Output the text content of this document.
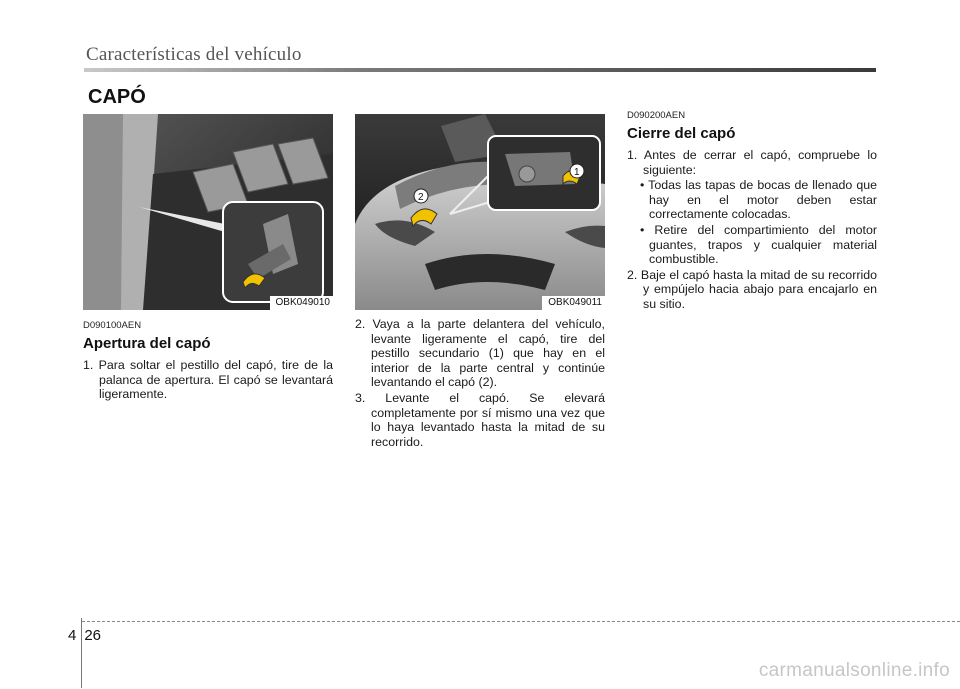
Características del vehículo
CAPÓ
OBK049010
D090100AEN
Apertura del capó

1. Para soltar el pestillo del capó, tire de la palanca de apertura. El capó se levantará ligeramente.

1
2
OBK049011

2. Vaya a la parte delantera del vehículo, levante ligeramente el capó, tire del pestillo secundario (1) que hay en el interior de la parte central y continúe levantando el capó (2).

3. Levante el capó. Se elevará completamente por sí mismo una vez que lo haya levantado hasta la mitad de su recorrido.

D090200AEN
Cierre del capó

1. Antes de cerrar el capó, compruebe lo siguiente:

• Todas las tapas de bocas de llenado que hay en el motor deben estar correctamente colocadas.

• Retire del compartimiento del motor guantes, trapos y cualquier material combustible.

2. Baje el capó hasta la mitad de su recorrido y empújelo hacia abajo para encajarlo en su sitio.

4 26
carmanualsonline.info
